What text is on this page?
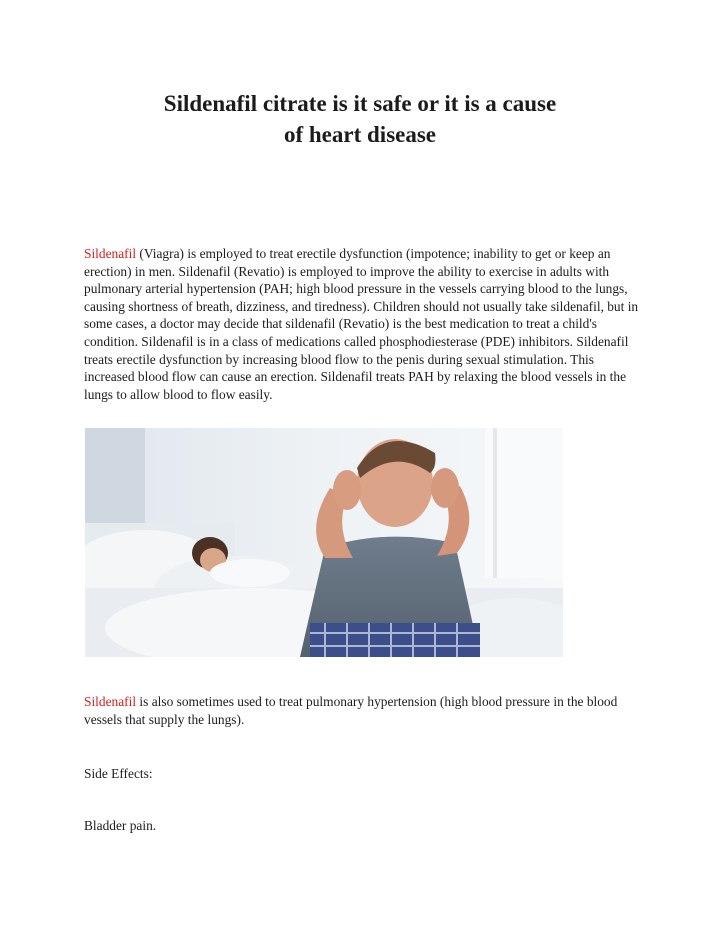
Sildenafil citrate is it safe or it is a cause
of heart disease

Sildenafil (Viagra) is employed to treat erectile dysfunction (impotence; inability to get or keep an erection) in men. Sildenafil (Revatio) is employed to improve the ability to exercise in adults with pulmonary arterial hypertension (PAH; high blood pressure in the vessels carrying blood to the lungs, causing shortness of breath, dizziness, and tiredness). Children should not usually take sildenafil, but in some cases, a doctor may decide that sildenafil (Revatio) is the best medication to treat a child's condition. Sildenafil is in a class of medications called phosphodiesterase (PDE) inhibitors. Sildenafil treats erectile dysfunction by increasing blood flow to the penis during sexual stimulation. This increased blood flow can cause an erection. Sildenafil treats PAH by relaxing the blood vessels in the lungs to allow blood to flow easily.

Sildenafil is also sometimes used to treat pulmonary hypertension (high blood pressure in the blood vessels that supply the lungs).

Side Effects:

Bladder pain.
